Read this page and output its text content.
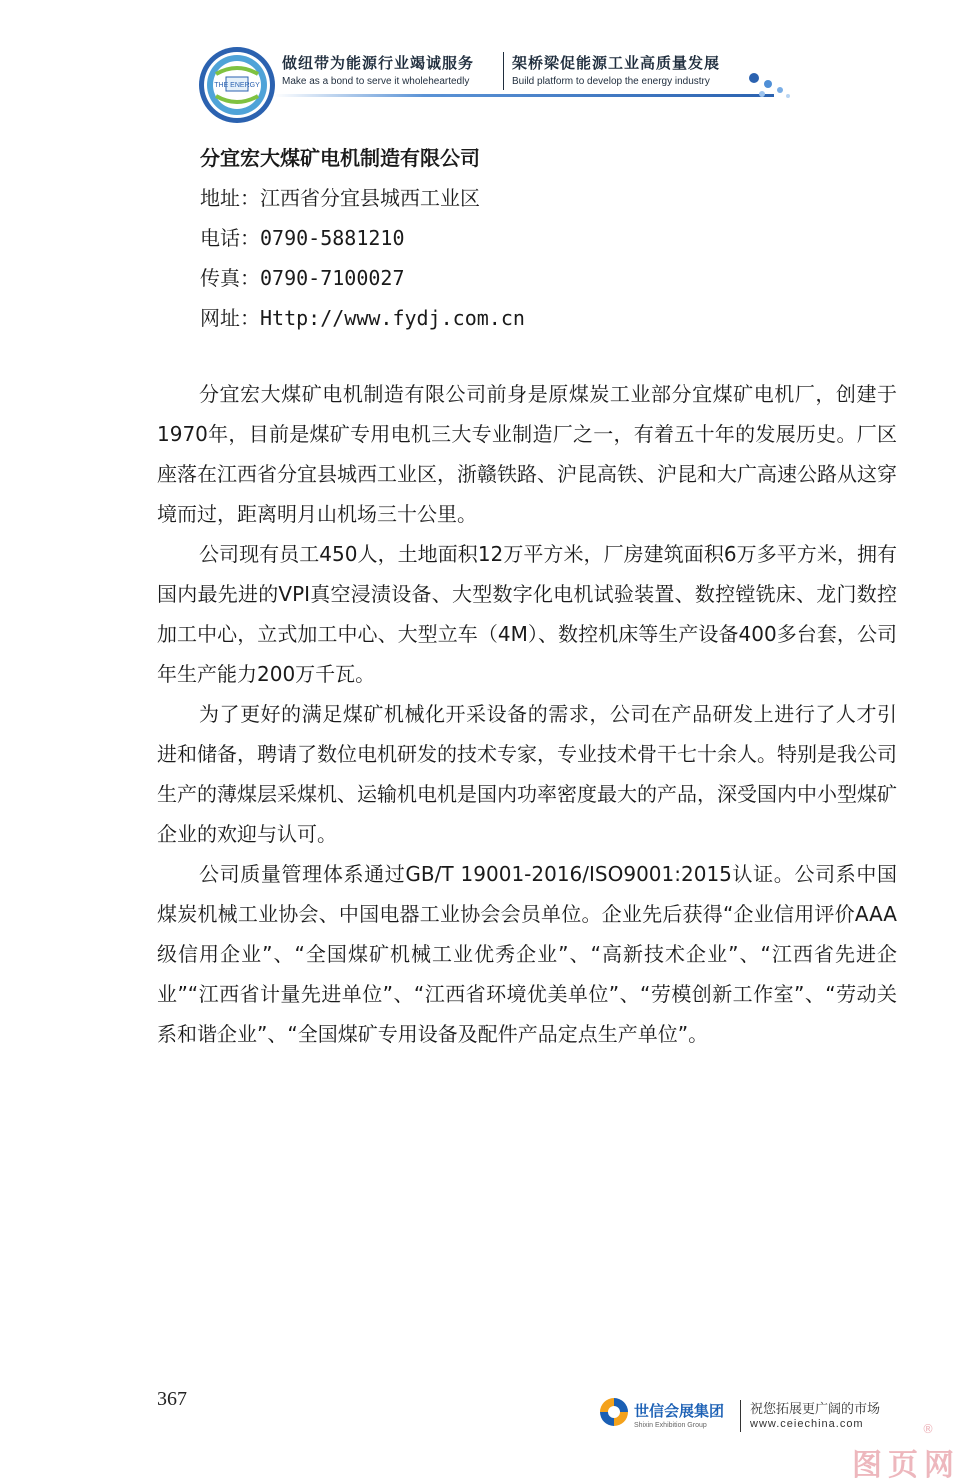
THE ENERGY
做纽带为能源行业竭诚服务	架桥梁促能源工业高质量发展
Make as a bond to serve it wholeheartedly	Build platform to develop the energy industry
分宜宏大煤矿电机制造有限公司
地址：江西省分宜县城西工业区
电话：0790-5881210
传真：0790-7100027
网址：Http://www.fydj.com.cn

分宜宏大煤矿电机制造有限公司前身是原煤炭工业部分宜煤矿电机厂，创建于1970年，目前是煤矿专用电机三大专业制造厂之一，有着五十年的发展历史。厂区座落在江西省分宜县城西工业区，浙赣铁路、沪昆高铁、沪昆和大广高速公路从这穿境而过，距离明月山机场三十公里。

公司现有员工450人，土地面积12万平方米，厂房建筑面积6万多平方米，拥有国内最先进的VPI真空浸渍设备、大型数字化电机试验装置、数控镗铣床、龙门数控加工中心，立式加工中心、大型立车（4M）、数控机床等生产设备400多台套，公司年生产能力200万千瓦。

为了更好的满足煤矿机械化开采设备的需求，公司在产品研发上进行了人才引进和储备，聘请了数位电机研发的技术专家，专业技术骨干七十余人。特别是我公司生产的薄煤层采煤机、运输机电机是国内功率密度最大的产品，深受国内中小型煤矿企业的欢迎与认可。

公司质量管理体系通过GB/T 19001-2016/ISO9001:2015认证。公司系中国煤炭机械工业协会、中国电器工业协会会员单位。企业先后获得“企业信用评价AAA级信用企业”、“全国煤矿机械工业优秀企业”、“高新技术企业”、“江西省先进企业”“江西省计量先进单位”、“江西省环境优美单位”、“劳模创新工作室”、“劳动关系和谐企业”、“全国煤矿专用设备及配件产品定点生产单位”。

367
世信会展集团
Shixin Exhibition Group
祝您拓展更广阔的市场
www.ceiechina.com	®
图页网
